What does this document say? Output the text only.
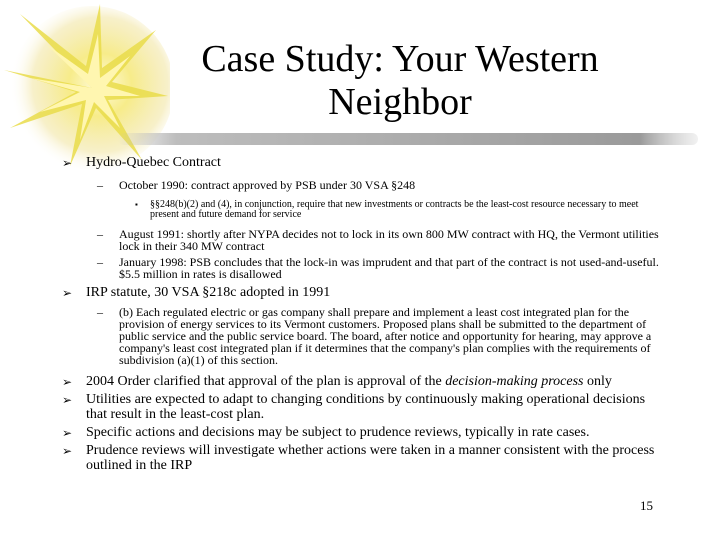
Case Study: Your Western Neighbor
➢ Hydro-Quebec Contract
– October 1990: contract approved by PSB under 30 VSA §248
▪ §§248(b)(2) and (4), in conjunction, require that new investments or contracts be the least-cost resource necessary to meet present and future demand for service
– August 1991: shortly after NYPA decides not to lock in its own 800 MW contract with HQ, the Vermont utilities lock in their 340 MW contract
– January 1998: PSB concludes that the lock-in was imprudent and that part of the contract is not used-and-useful. $5.5 million in rates is disallowed
➢ IRP statute, 30 VSA §218c adopted in 1991
– (b) Each regulated electric or gas company shall prepare and implement a least cost integrated plan for the provision of energy services to its Vermont customers. Proposed plans shall be submitted to the department of public service and the public service board. The board, after notice and opportunity for hearing, may approve a company's least cost integrated plan if it determines that the company's plan complies with the requirements of subdivision (a)(1) of this section.
➢ 2004 Order clarified that approval of the plan is approval of the decision-making process only
➢ Utilities are expected to adapt to changing conditions by continuously making operational decisions that result in the least-cost plan.
➢ Specific actions and decisions may be subject to prudence reviews, typically in rate cases.
➢ Prudence reviews will investigate whether actions were taken in a manner consistent with the process outlined in the IRP
15
